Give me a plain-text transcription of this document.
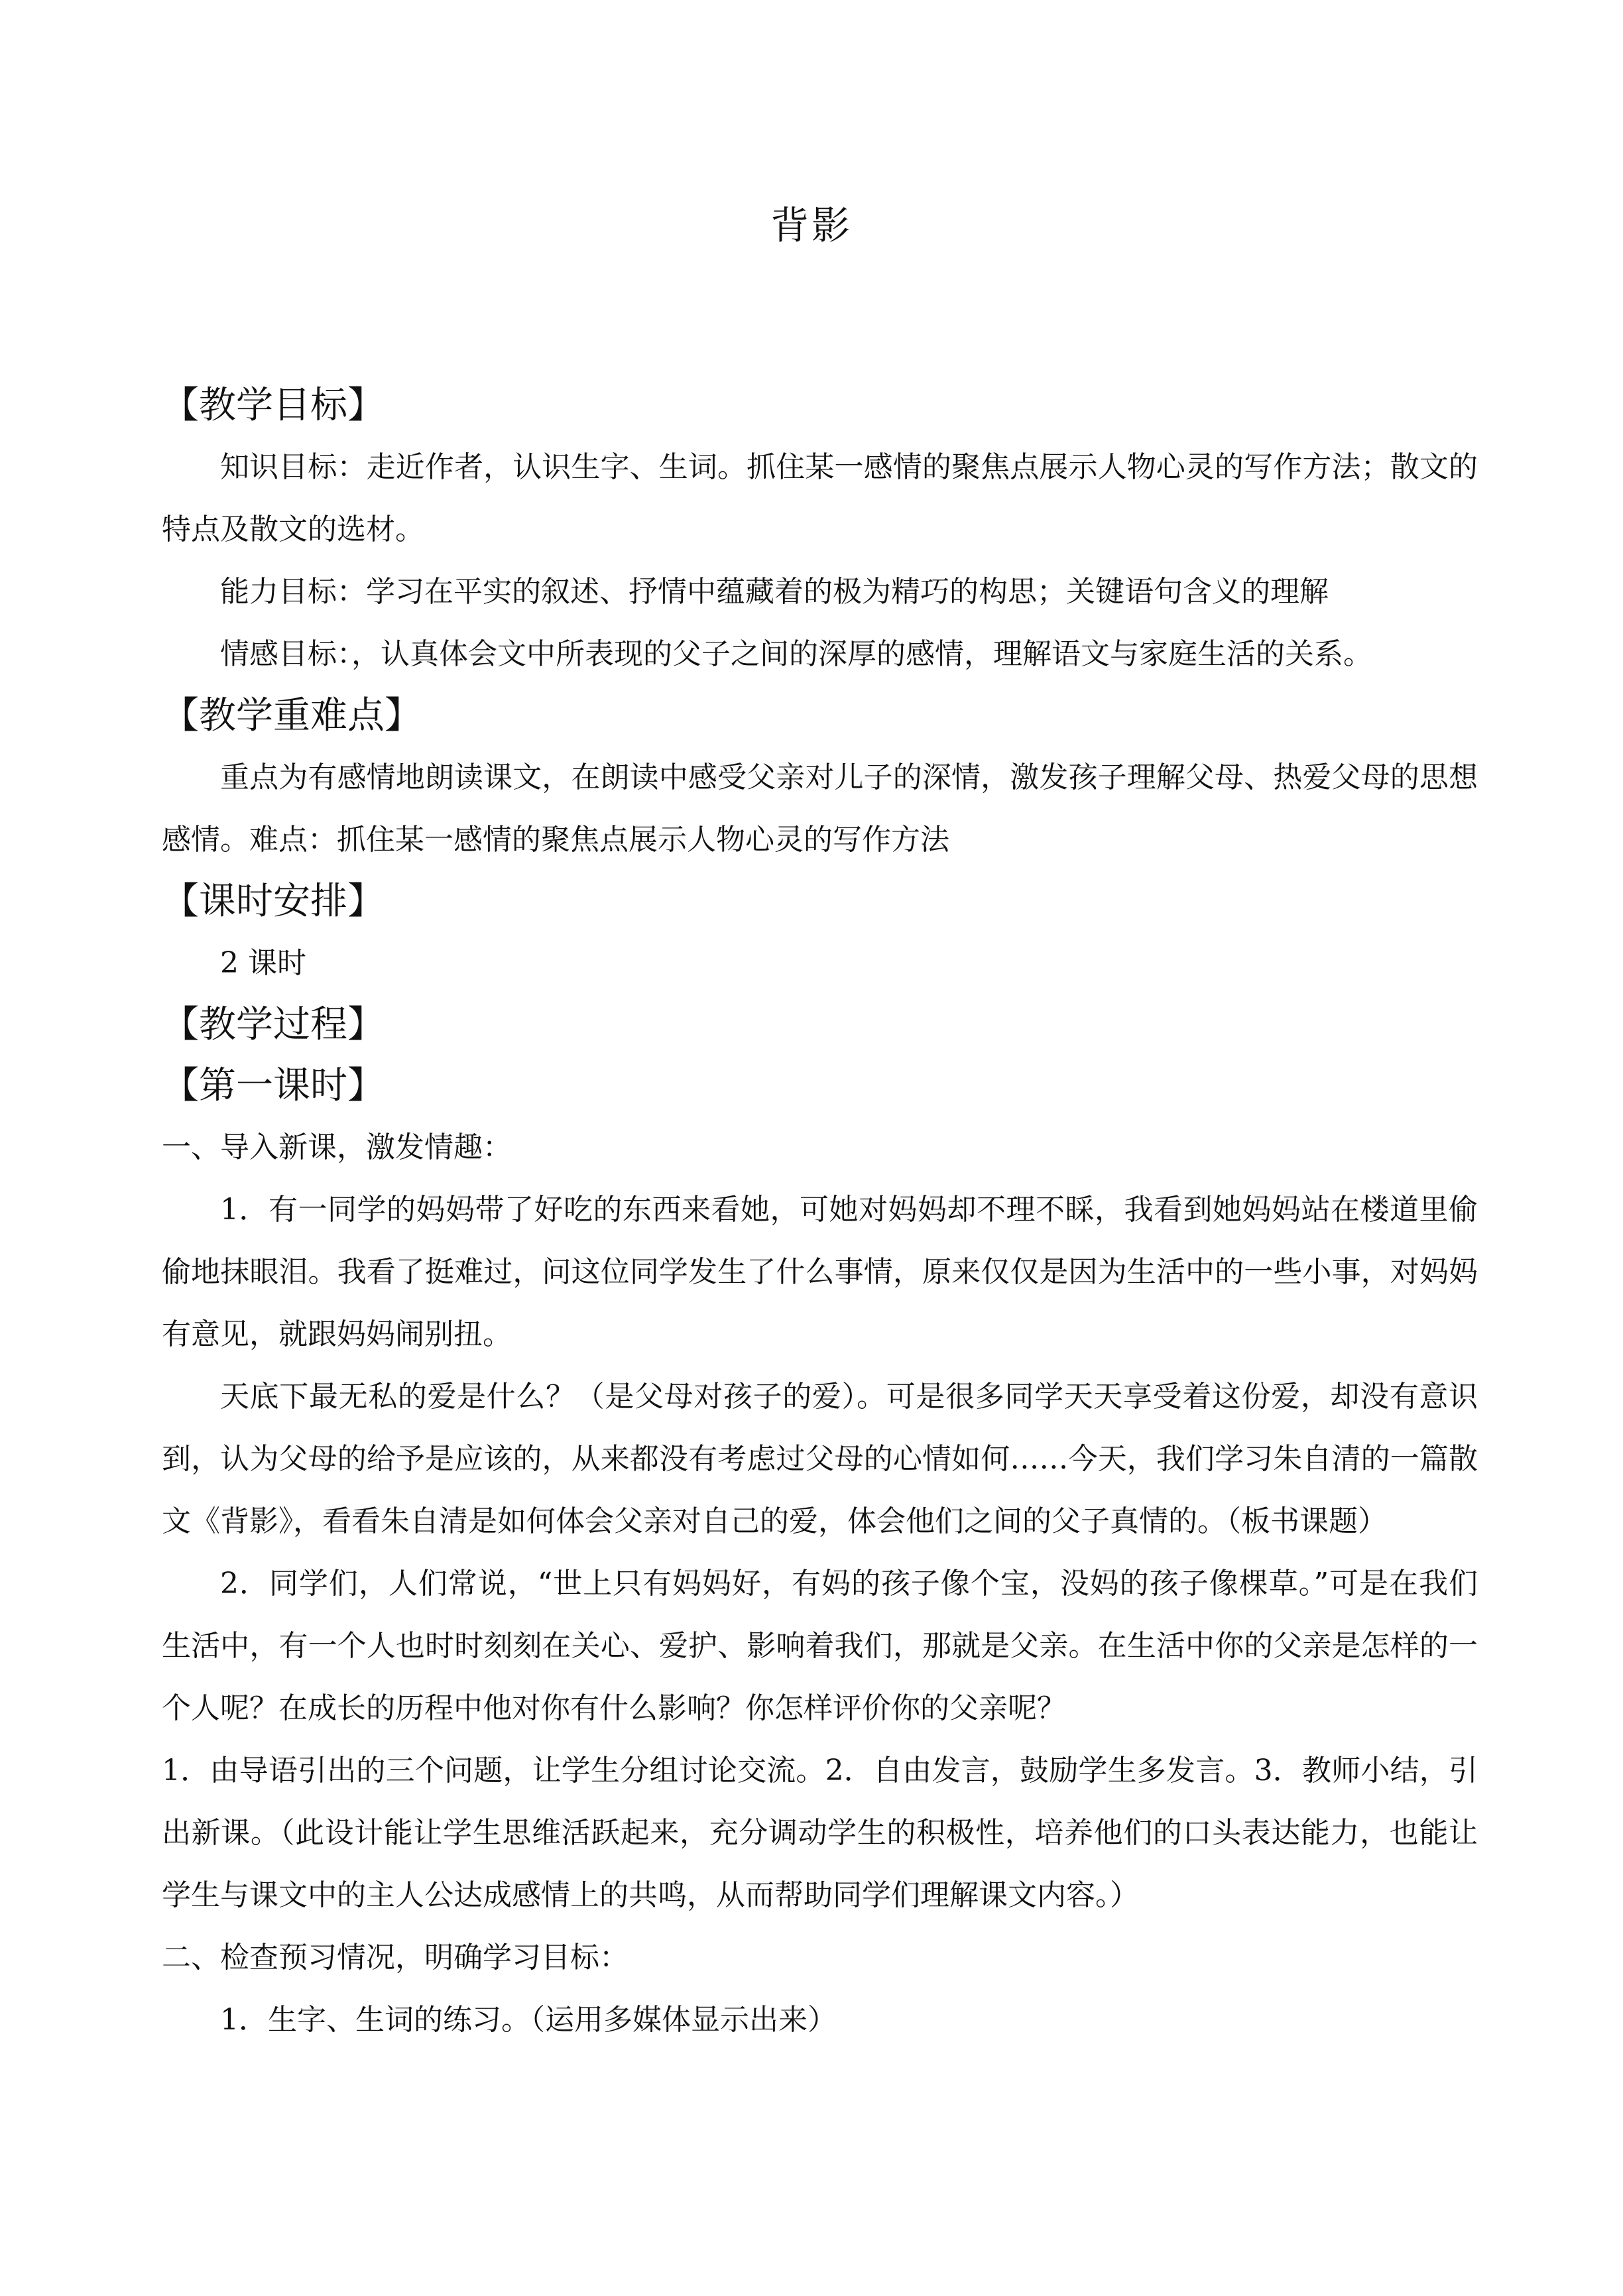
背影
【教学目标】

知识目标：走近作者，认识生字、生词。抓住某一感情的聚焦点展示人物心灵的写作方法；散文的特点及散文的选材。

能力目标：学习在平实的叙述、抒情中蕴藏着的极为精巧的构思；关键语句含义的理解

情感目标：，认真体会文中所表现的父子之间的深厚的感情，理解语文与家庭生活的关系。

【教学重难点】

重点为有感情地朗读课文，在朗读中感受父亲对儿子的深情，激发孩子理解父母、热爱父母的思想感情。难点：抓住某一感情的聚焦点展示人物心灵的写作方法

【课时安排】

2 课时

【教学过程】
【第一课时】

一、导入新课，激发情趣：

1．有一同学的妈妈带了好吃的东西来看她，可她对妈妈却不理不睬，我看到她妈妈站在楼道里偷偷地抹眼泪。我看了挺难过，问这位同学发生了什么事情，原来仅仅是因为生活中的一些小事，对妈妈有意见，就跟妈妈闹别扭。

天底下最无私的爱是什么？（是父母对孩子的爱）。可是很多同学天天享受着这份爱，却没有意识到，认为父母的给予是应该的，从来都没有考虑过父母的心情如何……今天，我们学习朱自清的一篇散文《背影》，看看朱自清是如何体会父亲对自己的爱，体会他们之间的父子真情的。（板书课题）

2．同学们，人们常说，“世上只有妈妈好，有妈的孩子像个宝，没妈的孩子像棵草。”可是在我们生活中，有一个人也时时刻刻在关心、爱护、影响着我们，那就是父亲。在生活中你的父亲是怎样的一个人呢？在成长的历程中他对你有什么影响？你怎样评价你的父亲呢？

1．由导语引出的三个问题，让学生分组讨论交流。2．自由发言，鼓励学生多发言。3．教师小结，引出新课。（此设计能让学生思维活跃起来，充分调动学生的积极性，培养他们的口头表达能力，也能让学生与课文中的主人公达成感情上的共鸣，从而帮助同学们理解课文内容。）

二、检查预习情况，明确学习目标：

1．生字、生词的练习。（运用多媒体显示出来）
